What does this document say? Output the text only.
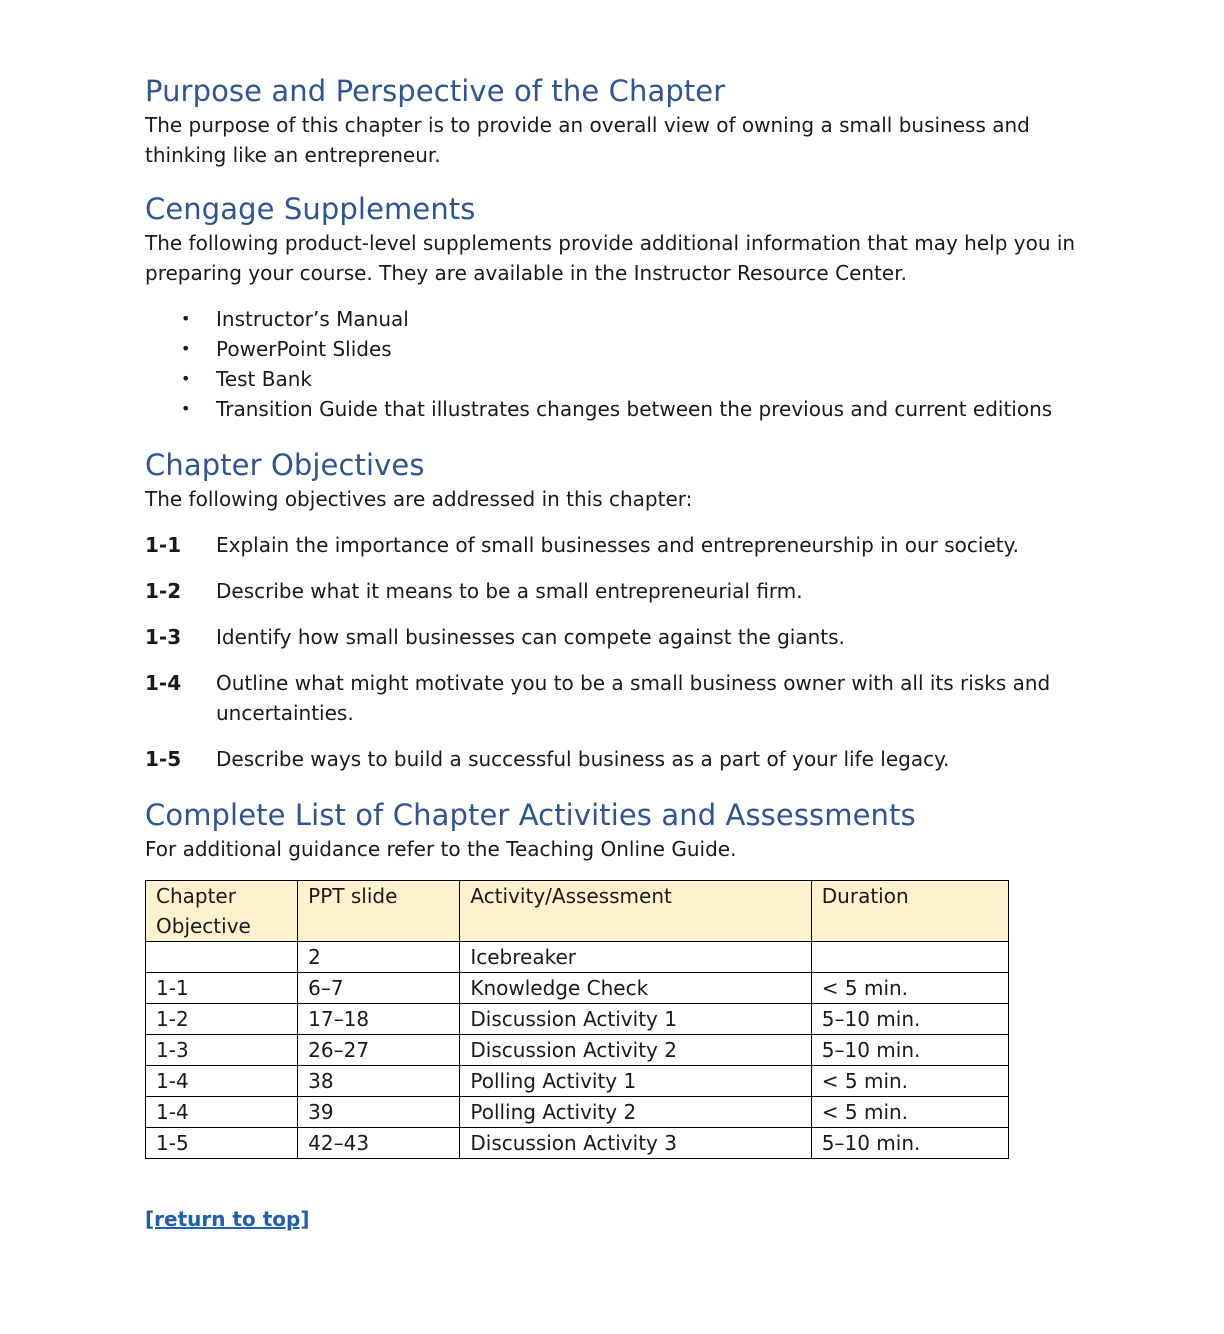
Purpose and Perspective of the Chapter

The purpose of this chapter is to provide an overall view of owning a small business and thinking like an entrepreneur.

Cengage Supplements

The following product-level supplements provide additional information that may help you in preparing your course. They are available in the Instructor Resource Center.

•	Instructor’s Manual
•	PowerPoint Slides
•	Test Bank
•	Transition Guide that illustrates changes between the previous and current editions
Chapter Objectives

The following objectives are addressed in this chapter:

1-1	Explain the importance of small businesses and entrepreneurship in our society.
1-2	Describe what it means to be a small entrepreneurial firm.
1-3	Identify how small businesses can compete against the giants.
1-4	Outline what might motivate you to be a small business owner with all its risks and uncertainties.
1-5	Describe ways to build a successful business as a part of your life legacy.
Complete List of Chapter Activities and Assessments

For additional guidance refer to the Teaching Online Guide.

Chapter Objective	PPT slide	Activity/Assessment	Duration
	2	Icebreaker	
1-1	6–7	Knowledge Check	< 5 min.
1-2	17–18	Discussion Activity 1	5–10 min.
1-3	26–27	Discussion Activity 2	5–10 min.
1-4	38	Polling Activity 1	< 5 min.
1-4	39	Polling Activity 2	< 5 min.
1-5	42–43	Discussion Activity 3	5–10 min.
[return to top]
